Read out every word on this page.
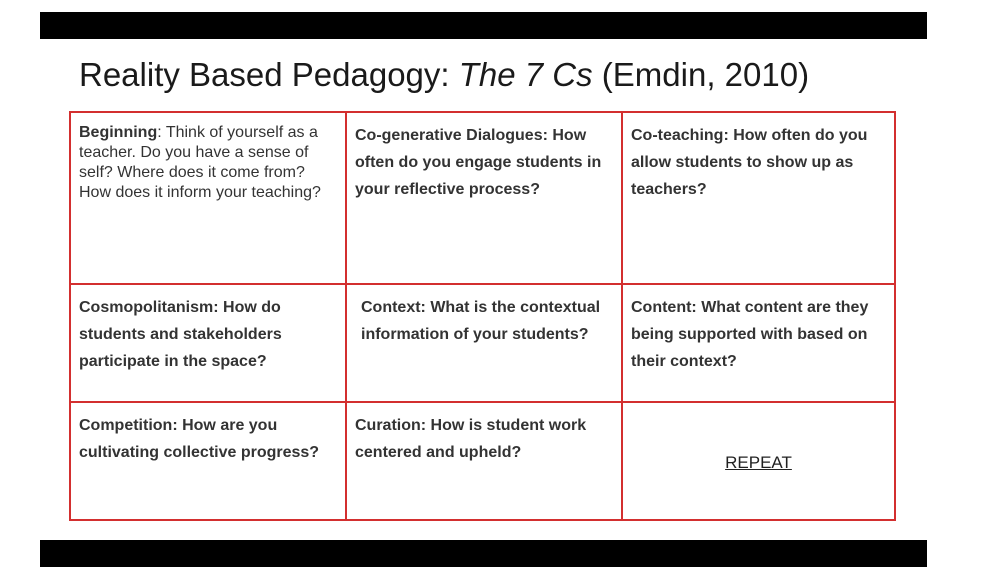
Reality Based Pedagogy: The 7 Cs (Emdin, 2010)
Beginning: Think of yourself as a teacher. Do you have a sense of self? Where does it come from? How does it inform your teaching?
Co-generative Dialogues: How often do you engage students in your reflective process?
Co-teaching: How often do you allow students to show up as teachers?
Cosmopolitanism: How do students and stakeholders participate in the space?
Context: What is the contextual information of your students?
Content: What content are they being supported with based on their context?
Competition: How are you cultivating collective progress?
Curation: How is student work centered and upheld?
REPEAT
